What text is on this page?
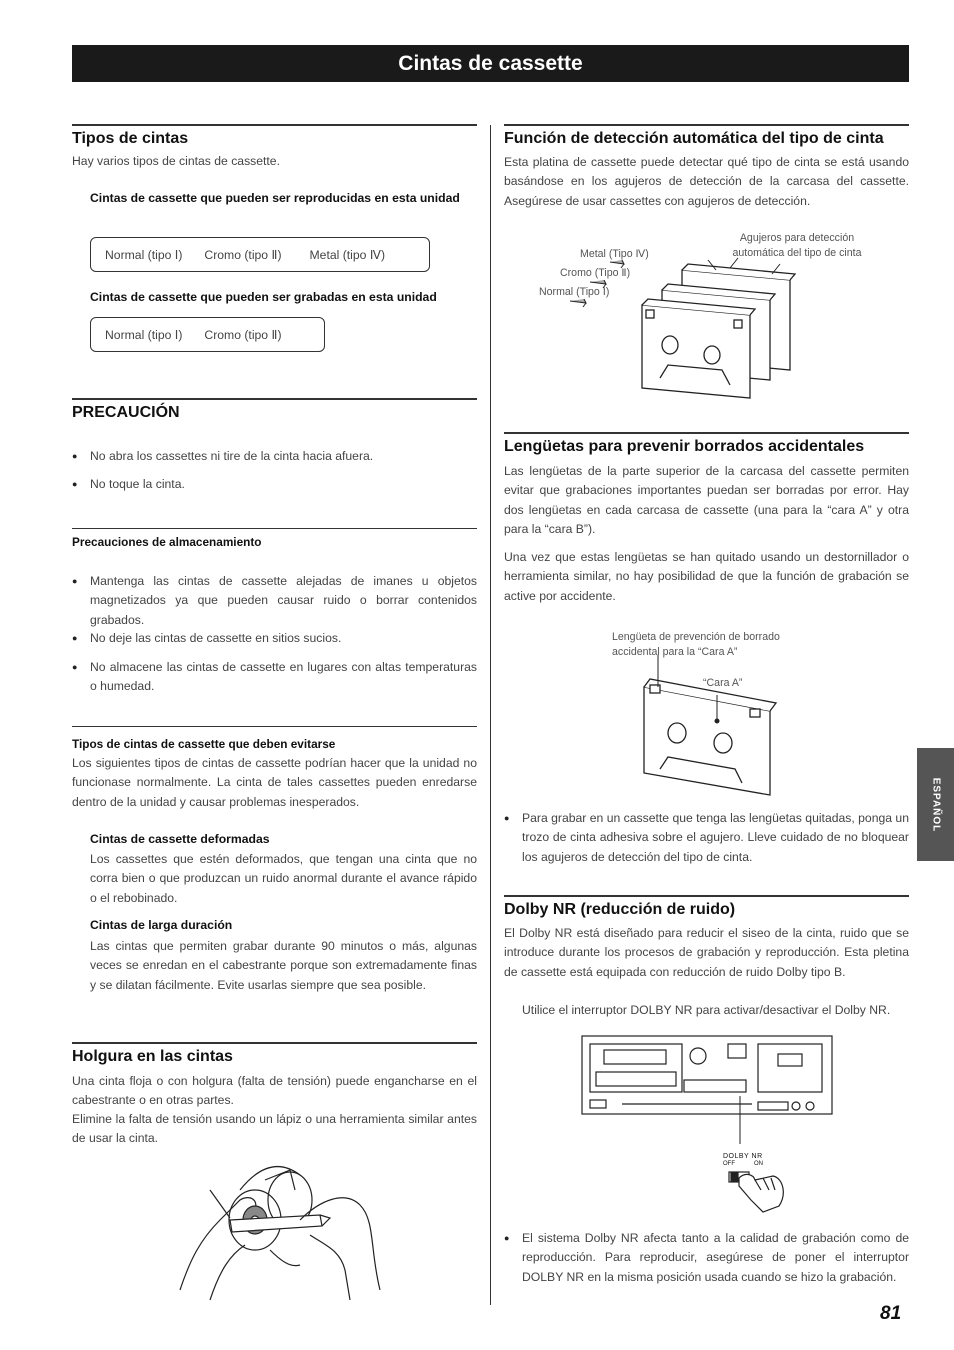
Cintas de cassette
Tipos de cintas
Hay varios tipos de cintas de cassette.
Cintas de cassette que pueden ser reproducidas en esta unidad
Normal (tipo Ⅰ) Cromo (tipo Ⅱ) Metal (tipo Ⅳ)
Cintas de cassette que pueden ser grabadas en esta unidad
Normal (tipo Ⅰ) Cromo (tipo Ⅱ)
PRECAUCIÓN
● No abra los cassettes ni tire de la cinta hacia afuera.
● No toque la cinta.
Precauciones de almacenamiento
● Mantenga las cintas de cassette alejadas de imanes u objetos magnetizados ya que pueden causar ruido o borrar contenidos grabados.
● No deje las cintas de cassette en sitios sucios.
● No almacene las cintas de cassette en lugares con altas temperaturas o humedad.
Tipos de cintas de cassette que deben evitarse
Los siguientes tipos de cintas de cassette podrían hacer que la unidad no funcionase normalmente. La cinta de tales cassettes pueden enredarse dentro de la unidad y causar problemas inesperados.
Cintas de cassette deformadas
Los cassettes que estén deformados, que tengan una cinta que no corra bien o que produzcan un ruido anormal durante el avance rápido o el rebobinado.
Cintas de larga duración
Las cintas que permiten grabar durante 90 minutos o más, algunas veces se enredan en el cabestrante porque son extremadamente finas y se dilatan fácilmente. Evite usarlas siempre que sea posible.
Holgura en las cintas
Una cinta floja o con holgura (falta de tensión) puede engancharse en el cabestrante o en otras partes.
Elimine la falta de tensión usando un lápiz o una herramienta similar antes de usar la cinta.
Función de detección automática del tipo de cinta
Esta platina de cassette puede detectar qué tipo de cinta se está usando basándose en los agujeros de detección de la carcasa del cassette. Asegúrese de usar cassettes con agujeros de detección.
Metal (Tipo Ⅳ)
Cromo (Tipo Ⅱ)
Normal (Tipo Ⅰ)
Agujeros para detección automática del tipo de cinta
Lengüetas para prevenir borrados accidentales
Las lengüetas de la parte superior de la carcasa del cassette permiten evitar que grabaciones importantes puedan ser borradas por error. Hay dos lengüetas en cada carcasa de cassette (una para la “cara A” y otra para la “cara B”).
Una vez que estas lengüetas se han quitado usando un destornillador o herramienta similar, no hay posibilidad de que la función de grabación se active por accidente.
Lengüeta de prevención de borrado accidental para la “Cara A”
“Cara A”
● Para grabar en un cassette que tenga las lengüetas quitadas, ponga un trozo de cinta adhesiva sobre el agujero. Lleve cuidado de no bloquear los agujeros de detección del tipo de cinta.
Dolby NR (reducción de ruido)
El Dolby NR está diseñado para reducir el siseo de la cinta, ruido que se introduce durante los procesos de grabación y reproducción. Esta pletina de cassette está equipada con reducción de ruido Dolby tipo B.
Utilice el interruptor DOLBY NR para activar/desactivar el Dolby NR.
DOLBY NR
OFF	ON
● El sistema Dolby NR afecta tanto a la calidad de grabación como de reproducción. Para reproducir, asegúrese de poner el interruptor DOLBY NR en la misma posición usada cuando se hizo la grabación.
ESPAÑOL
81
